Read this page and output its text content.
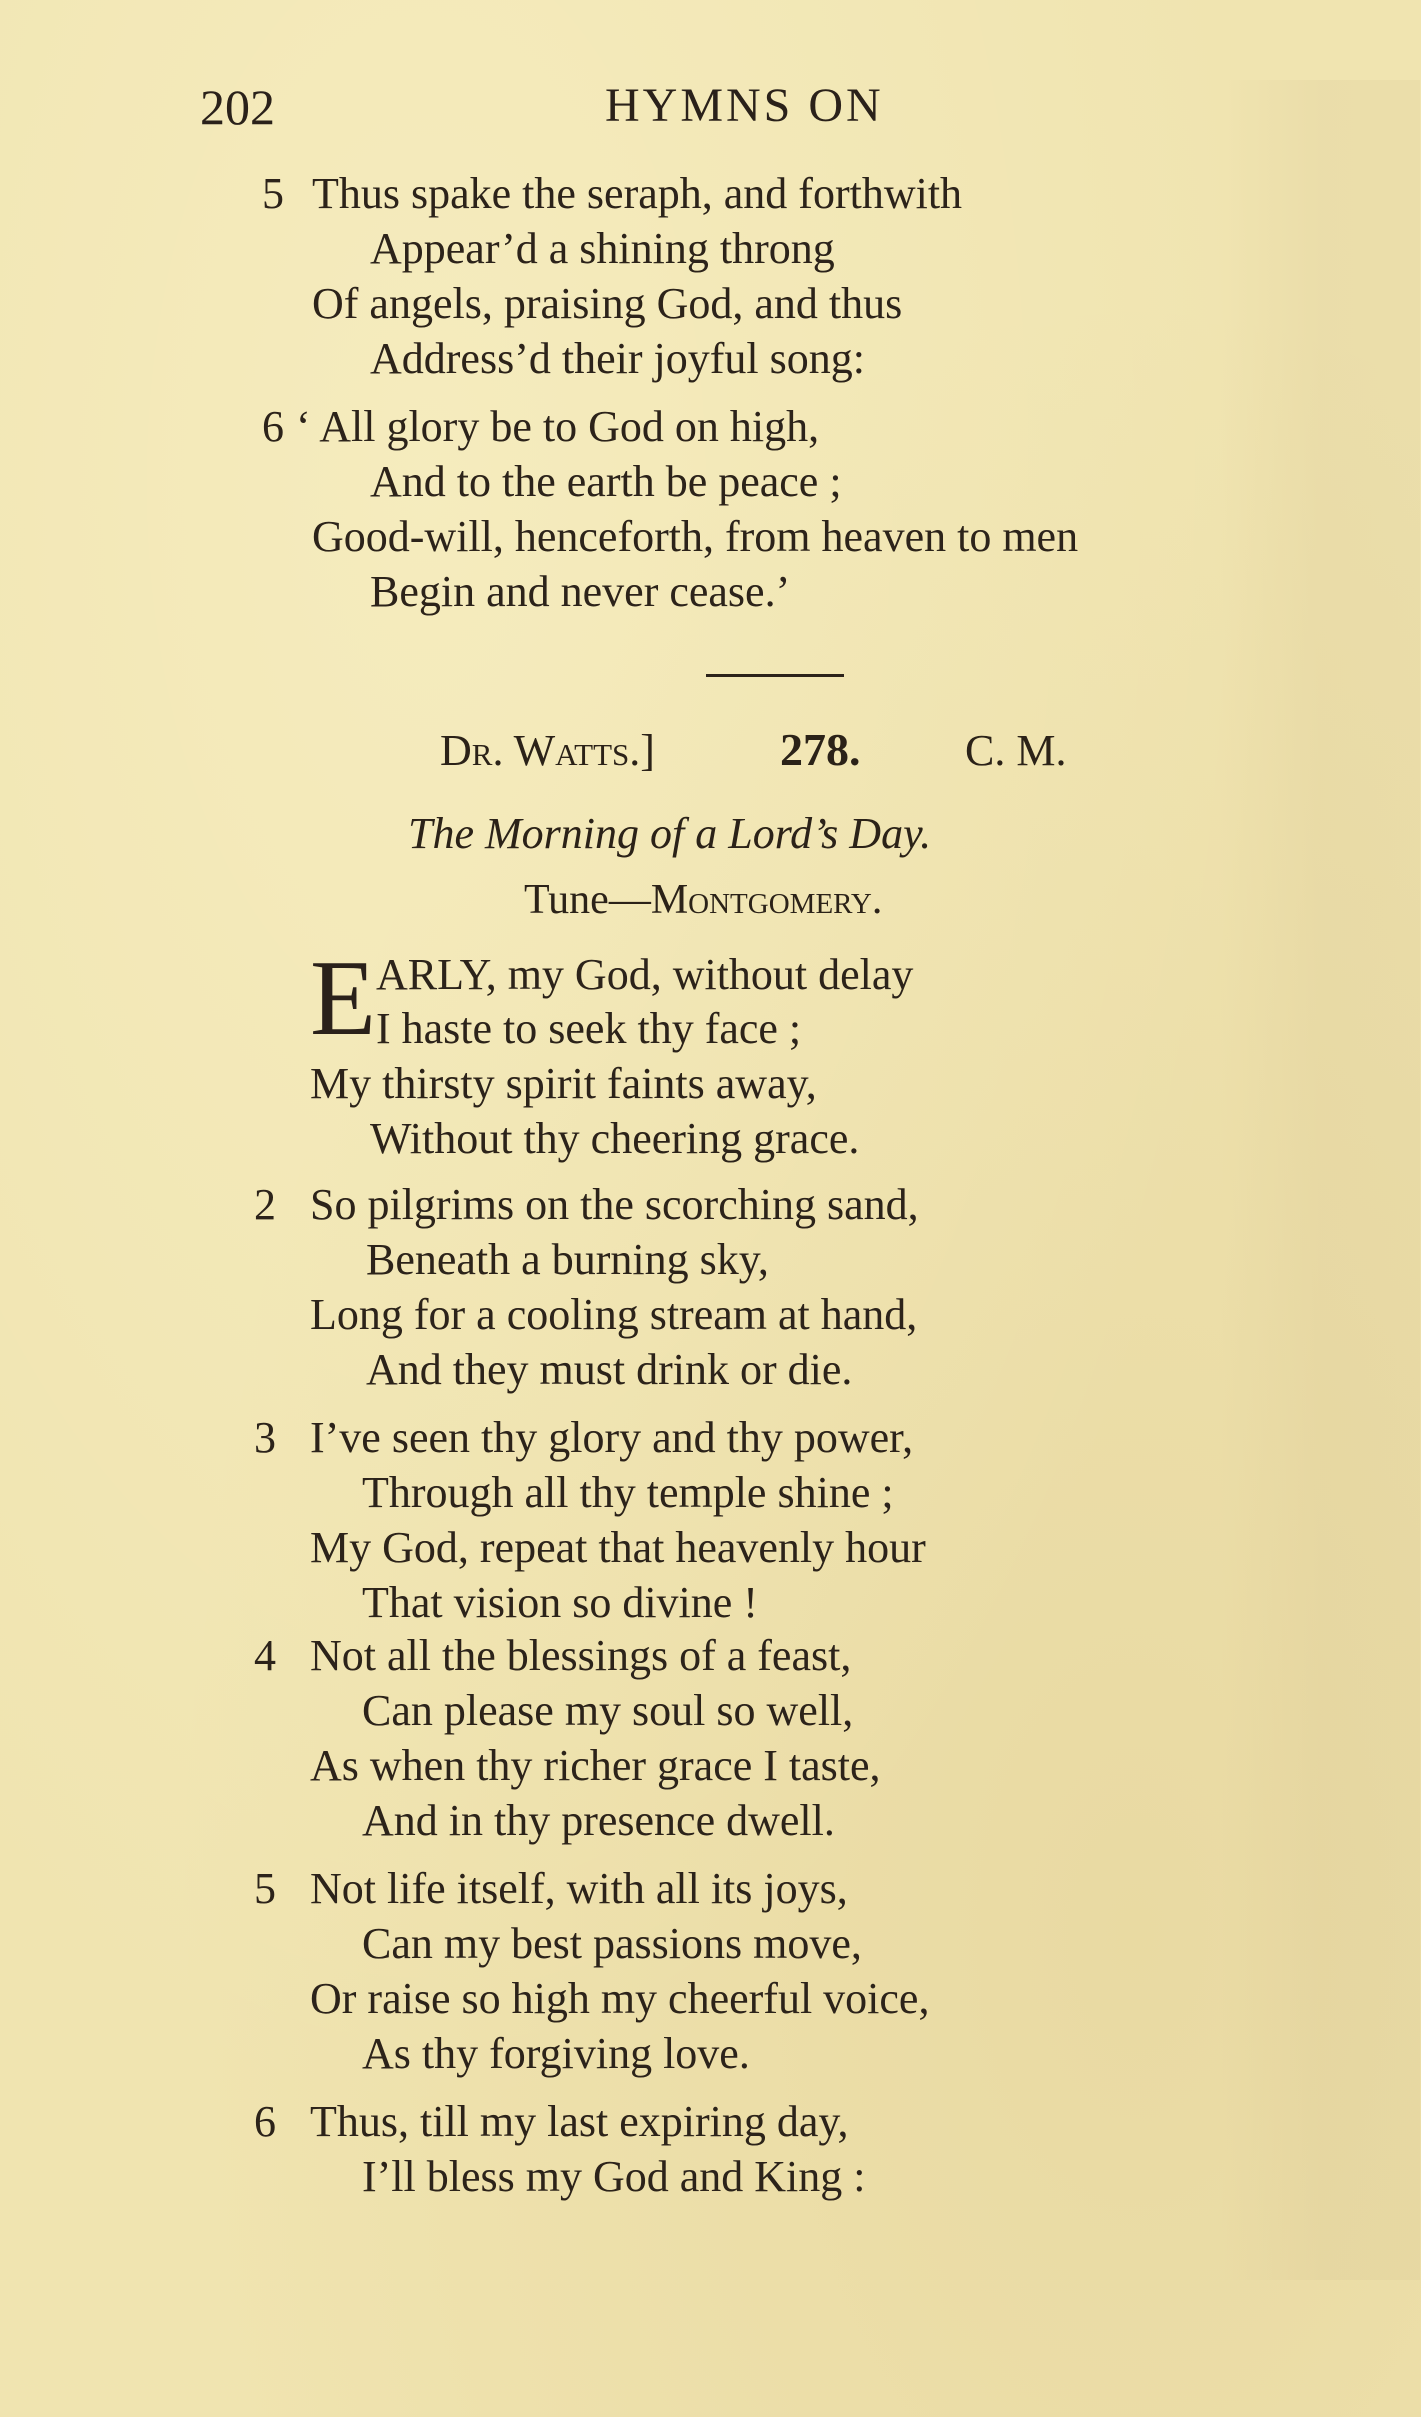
202	HYMNS ON
5 Thus spake the seraph, and forthwith
Appear’d a shining throng
Of angels, praising God, and thus
Address’d their joyful song:
6 ‘ All glory be to God on high,
And to the earth be peace ;
Good-will, henceforth, from heaven to men
Begin and never cease.’
Dr. Watts.]	278. C. M.
The Morning of a Lord’s Day.
Tune—Montgomery.
E ARLY, my God, without delay
I haste to seek thy face ;
My thirsty spirit faints away,
Without thy cheering grace.
2 So pilgrims on the scorching sand,
Beneath a burning sky,
Long for a cooling stream at hand,
And they must drink or die.
3 I’ve seen thy glory and thy power,
Through all thy temple shine ;
My God, repeat that heavenly hour
That vision so divine !
4 Not all the blessings of a feast,
Can please my soul so well,
As when thy richer grace I taste,
And in thy presence dwell.
5 Not life itself, with all its joys,
Can my best passions move,
Or raise so high my cheerful voice,
As thy forgiving love.
6 Thus, till my last expiring day,
I’ll bless my God and King :
